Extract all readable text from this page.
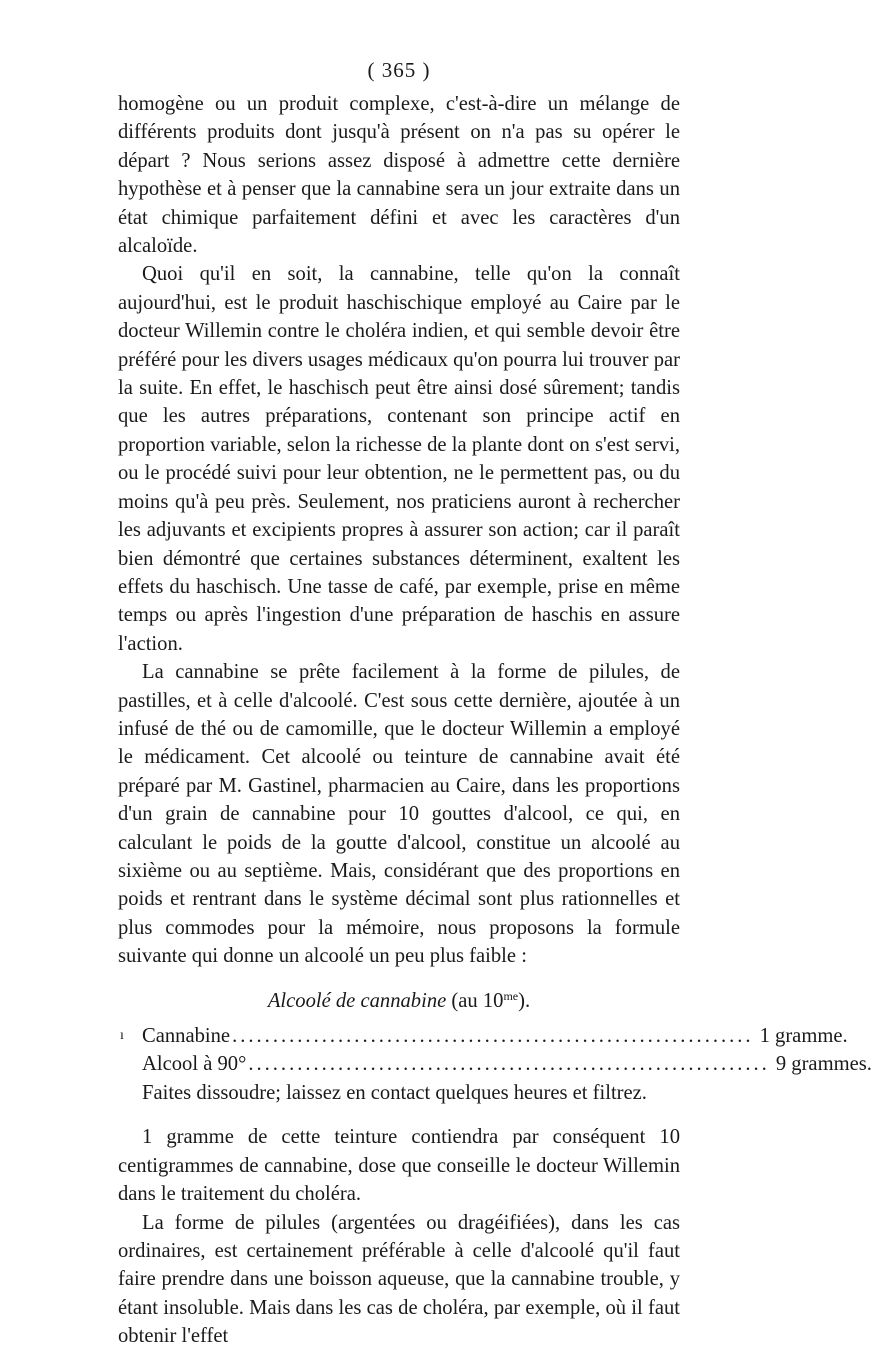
( 365 )

homogène ou un produit complexe, c'est-à-dire un mélange de différents produits dont jusqu'à présent on n'a pas su opérer le départ ? Nous serions assez disposé à admettre cette dernière hypothèse et à penser que la cannabine sera un jour extraite dans un état chimique parfaitement défini et avec les caractères d'un alcaloïde.

Quoi qu'il en soit, la cannabine, telle qu'on la connaît aujourd'hui, est le produit haschischique employé au Caire par le docteur Willemin contre le choléra indien, et qui semble devoir être préféré pour les divers usages médicaux qu'on pourra lui trouver par la suite. En effet, le haschisch peut être ainsi dosé sûrement; tandis que les autres préparations, contenant son principe actif en proportion variable, selon la richesse de la plante dont on s'est servi, ou le procédé suivi pour leur obtention, ne le permettent pas, ou du moins qu'à peu près. Seulement, nos praticiens auront à rechercher les adjuvants et excipients propres à assurer son action; car il paraît bien démontré que certaines substances déterminent, exaltent les effets du haschisch. Une tasse de café, par exemple, prise en même temps ou après l'ingestion d'une préparation de haschis en assure l'action.

La cannabine se prête facilement à la forme de pilules, de pastilles, et à celle d'alcoolé. C'est sous cette dernière, ajoutée à un infusé de thé ou de camomille, que le docteur Willemin a employé le médicament. Cet alcoolé ou teinture de cannabine avait été préparé par M. Gastinel, pharmacien au Caire, dans les proportions d'un grain de cannabine pour 10 gouttes d'alcool, ce qui, en calculant le poids de la goutte d'alcool, constitue un alcoolé au sixième ou au septième. Mais, considérant que des proportions en poids et rentrant dans le système décimal sont plus rationnelles et plus commodes pour la mémoire, nous proposons la formule suivante qui donne un alcoolé un peu plus faible :

Alcoolé de cannabine (au $10^{me}$).
ı Cannabine ................................................................ 1 gramme.
Alcool à 90° ................................................................ 9 grammes.
Faites dissoudre; laissez en contact quelques heures et filtrez.

1 gramme de cette teinture contiendra par conséquent 10 centigrammes de cannabine, dose que conseille le docteur Willemin dans le traitement du choléra.

La forme de pilules (argentées ou dragéifiées), dans les cas ordinaires, est certainement préférable à celle d'alcoolé qu'il faut faire prendre dans une boisson aqueuse, que la cannabine trouble, y étant insoluble. Mais dans les cas de choléra, par exemple, où il faut obtenir l'effet
